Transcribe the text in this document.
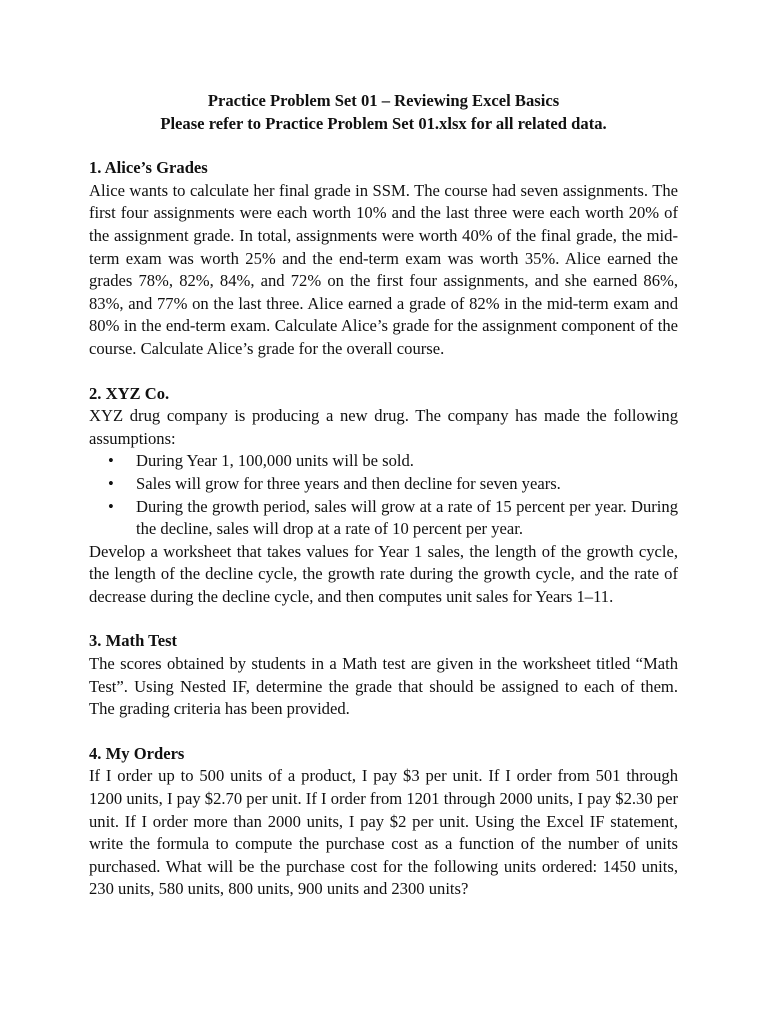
Practice Problem Set 01 – Reviewing Excel Basics

Please refer to Practice Problem Set 01.xlsx for all related data.

1. Alice’s Grades

Alice wants to calculate her final grade in SSM. The course had seven assignments. The first four assignments were each worth 10% and the last three were each worth 20% of the assignment grade. In total, assignments were worth 40% of the final grade, the mid-term exam was worth 25% and the end-term exam was worth 35%. Alice earned the grades 78%, 82%, 84%, and 72% on the first four assignments, and she earned 86%, 83%, and 77% on the last three. Alice earned a grade of 82% in the mid-term exam and 80% in the end-term exam. Calculate Alice’s grade for the assignment component of the course. Calculate Alice’s grade for the overall course.

2. XYZ Co.

XYZ drug company is producing a new drug. The company has made the following assumptions:

• During Year 1, 100,000 units will be sold.
• Sales will grow for three years and then decline for seven years.
• During the growth period, sales will grow at a rate of 15 percent per year. During the decline, sales will drop at a rate of 10 percent per year.

Develop a worksheet that takes values for Year 1 sales, the length of the growth cycle, the length of the decline cycle, the growth rate during the growth cycle, and the rate of decrease during the decline cycle, and then computes unit sales for Years 1–11.

3. Math Test

The scores obtained by students in a Math test are given in the worksheet titled “Math Test”. Using Nested IF, determine the grade that should be assigned to each of them. The grading criteria has been provided.

4. My Orders

If I order up to 500 units of a product, I pay $3 per unit. If I order from 501 through 1200 units, I pay $2.70 per unit. If I order from 1201 through 2000 units, I pay $2.30 per unit. If I order more than 2000 units, I pay $2 per unit. Using the Excel IF statement, write the formula to compute the purchase cost as a function of the number of units purchased. What will be the purchase cost for the following units ordered: 1450 units, 230 units, 580 units, 800 units, 900 units and 2300 units?
